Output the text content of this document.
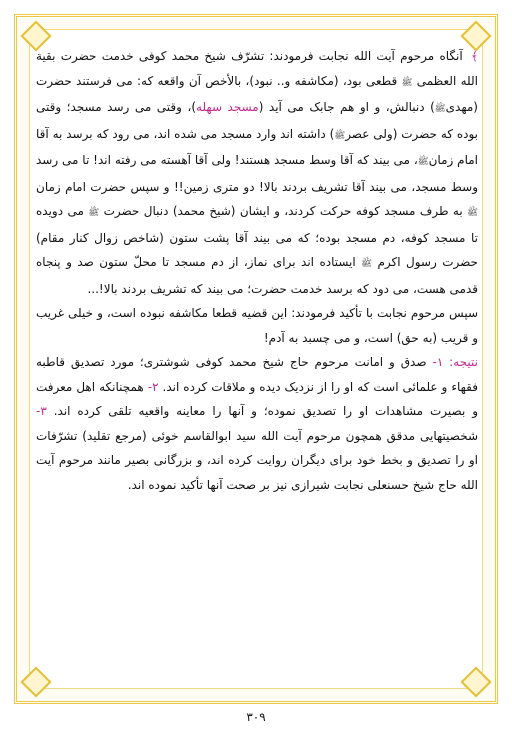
﴾ آنگاه مرحوم آیت الله نجابت فرمودند: تشرّف شیخ محمد کوفی خدمت حضرت بقیة الله العظمی ﷺ قطعی بود، (مکاشفه و.. نبود)، بالأخص آن واقعه که: می فرستند حضرت (مهدیﷺ) دنبالش، و او هم جابک می آید (مسجد سهله)، وقتی می رسد مسجد؛ وقتی بوده که حضرت (ولی عصرﷺ) داشته اند وارد مسجد می شده اند، می رود که برسد به آقا امام زمانﷺ، می بیند که آقا وسط مسجد هستند! ولی آقا آهسته می رفته اند! تا می رسد وسط مسجد، می بیند آقا تشریف بردند بالا! دو متری زمین!! و سپس حضرت امام زمان ﷺ به طرف مسجد کوفه حرکت کردند، و ایشان (شیخ محمد) دنبال حضرت ﷺ می دویده تا مسجد کوفه، دم مسجد بوده؛ که می بیند آقا پشت ستون (شاخص زوال کنار مقام) حضرت رسول اکرم ﷺ ایستاده اند برای نماز، از دم مسجد تا محلّ ستون صد و پنجاه قدمی هست، می دود که برسد خدمت حضرت؛ می بیند که تشریف بردند بالا!...

سپس مرحوم نجابت با تأکید فرمودند: این قضیه قطعا مکاشفه نبوده است، و خیلی غریب و قریب (به حق) است، و می چسبد به آدم!

نتیجه: ۱- صدق و امانت مرحوم حاج شیخ محمد کوفی شوشتری؛ مورد تصدیق قاطبه فقهاء و علمائی است که او را از نزدیک دیده و ملاقات کرده اند. ۲- همچنانکه اهل معرفت و بصیرت مشاهدات او را تصدیق نموده؛ و آنها را معاینه واقعیه تلقی کرده اند. ۳- شخصیتهایی مدقق همچون مرحوم آیت الله سید ابوالقاسم خوئی (مرجع تقلید) تشرّفات او را تصدیق و بخط خود برای دیگران روایت کرده اند، و بزرگانی بصیر مانند مرحوم آیت الله حاج شیخ حسنعلی نجابت شیرازی نیز بر صحت آنها تأکید نموده اند.

۳۰۹
